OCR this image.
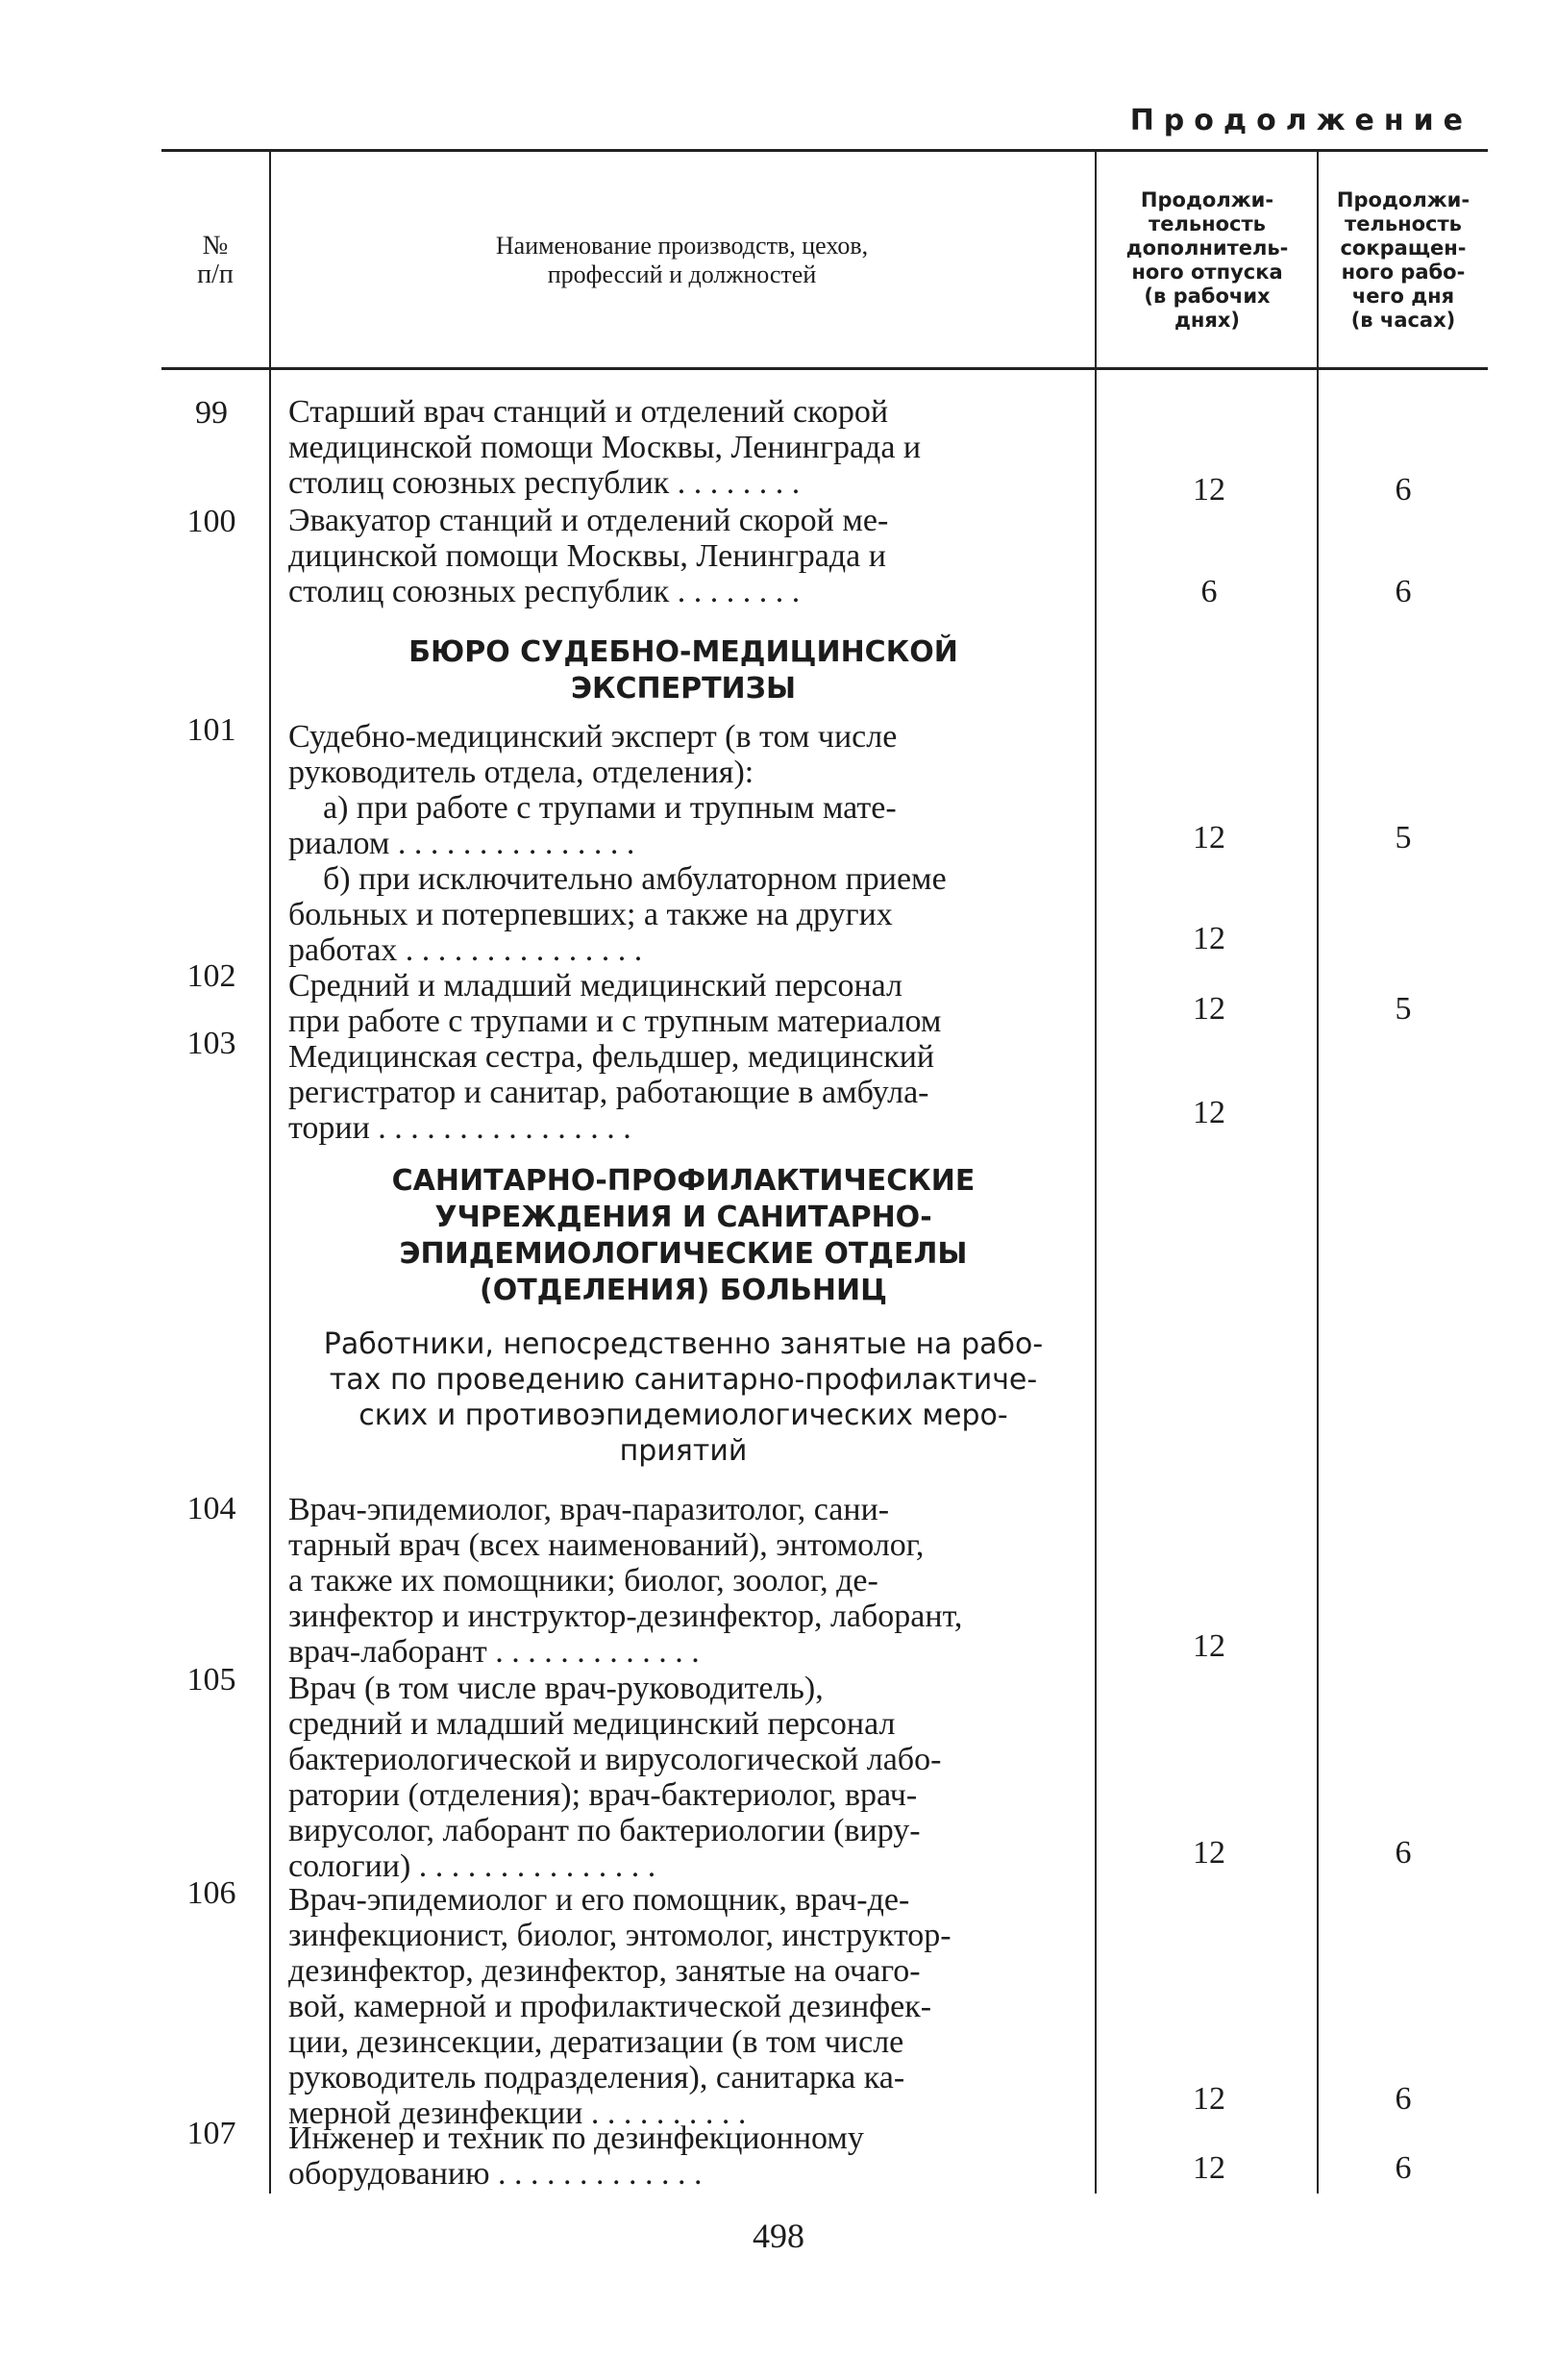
Продолжение
№
п/п
Наименование производств, цехов,
профессий и должностей
Продолжи-
тельность
дополнитель-
ного отпуска
(в рабочих
днях)
Продолжи-
тельность
сокращен-
ного рабо-
чего дня
(в часах)
99	Старший врач станций и отделений скорой
медицинской помощи Москвы, Ленинграда и
столиц союзных республик . . . . . . . .	12	6
100	Эвакуатор станций и отделений скорой ме-
дицинской помощи Москвы, Ленинграда и
столиц союзных республик . . . . . . . .	6	6
БЮРО СУДЕБНО-МЕДИЦИНСКОЙ
ЭКСПЕРТИЗЫ
101	Судебно-медицинский эксперт (в том числе
руководитель отдела, отделения):
а) при работе с трупами и трупным мате-
риалом . . . . . . . . . . . . . . .	12	5
б) при исключительно амбулаторном приеме
больных и потерпевших; а также на других
работах . . . . . . . . . . . . . . .	12
102	Средний и младший медицинский персонал
при работе с трупами и с трупным материалом	12	5
103	Медицинская сестра, фельдшер, медицинский
регистратор и санитар, работающие в амбула-
тории . . . . . . . . . . . . . . . .	12
САНИТАРНО-ПРОФИЛАКТИЧЕСКИЕ
УЧРЕЖДЕНИЯ И САНИТАРНО-
ЭПИДЕМИОЛОГИЧЕСКИЕ ОТДЕЛЫ
(ОТДЕЛЕНИЯ) БОЛЬНИЦ
Работники, непосредственно занятые на рабо-
тах по проведению санитарно-профилактиче-
ских и противоэпидемиологических меро-
приятий
104	Врач-эпидемиолог, врач-паразитолог, сани-
тарный врач (всех наименований), энтомолог,
а также их помощники; биолог, зоолог, де-
зинфектор и инструктор-дезинфектор, лаборант,
врач-лаборант . . . . . . . . . . . . .	12
105	Врач (в том числе врач-руководитель),
средний и младший медицинский персонал
бактериологической и вирусологической лабо-
ратории (отделения); врач-бактериолог, врач-
вирусолог, лаборант по бактериологии (виру-
сологии) . . . . . . . . . . . . . . .	12	6
106	Врач-эпидемиолог и его помощник, врач-де-
зинфекционист, биолог, энтомолог, инструктор-
дезинфектор, дезинфектор, занятые на очаго-
вой, камерной и профилактической дезинфек-
ции, дезинсекции, дератизации (в том числе
руководитель подразделения), санитарка ка-
мерной дезинфекции . . . . . . . . . .	12	6
107	Инженер и техник по дезинфекционному
оборудованию . . . . . . . . . . . . .	12	6
498
